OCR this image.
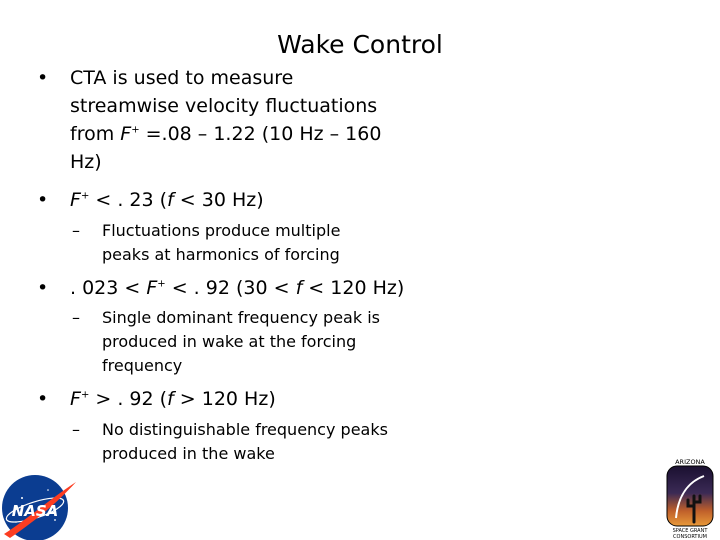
Wake Control
• CTA is used to measure streamwise velocity fluctuations from F+ =.08 – 1.22 (10 Hz – 160 Hz)
• F+ < . 23 (f < 30 Hz)
– Fluctuations produce multiple peaks at harmonics of forcing
• . 023 < F+ < . 92 (30 < f < 120 Hz)
– Single dominant frequency peak is produced in wake at the forcing frequency
• F+ > . 92 (f > 120 Hz)
– No distinguishable frequency peaks produced in the wake
NASA
ARIZONA
SPACE GRANT
CONSORTIUM
